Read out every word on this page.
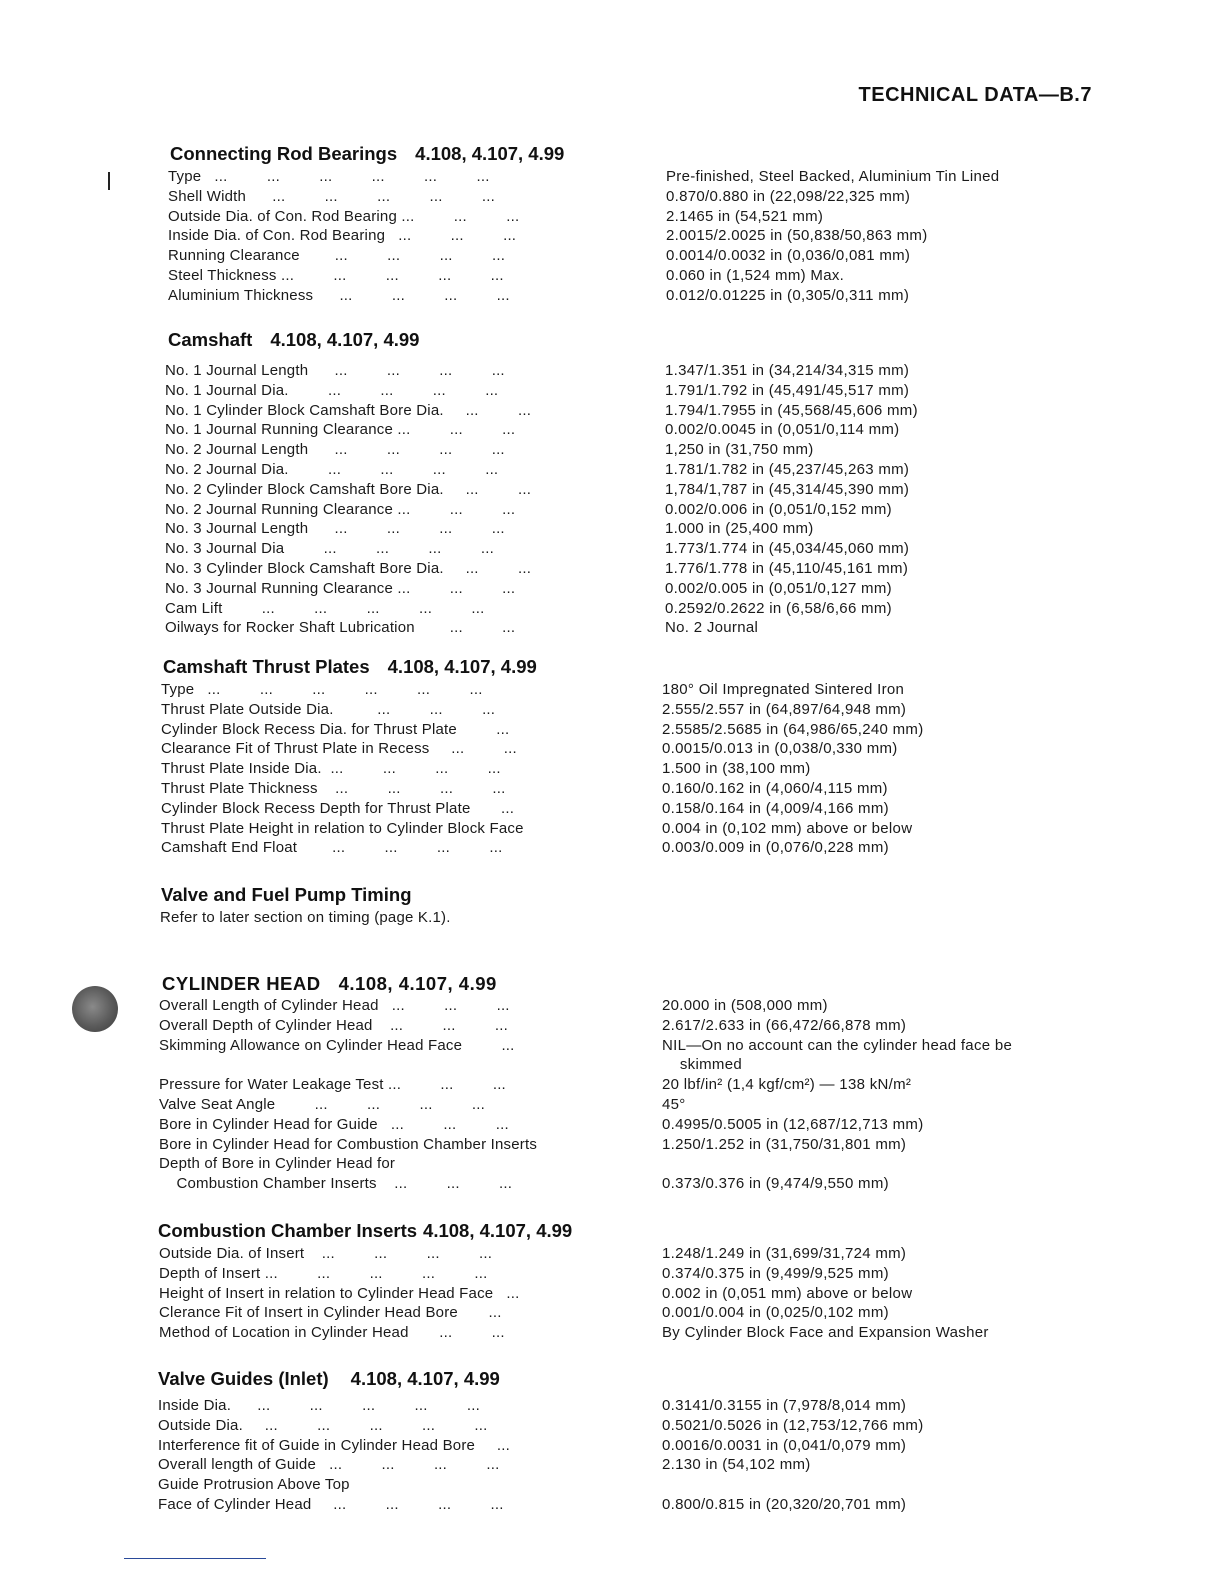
TECHNICAL DATA—B.7
Connecting Rod Bearings 4.108, 4.107, 4.99
Type   ...         ...         ...         ...         ...         ...	Pre-finished, Steel Backed, Aluminium Tin Lined
Shell Width      ...         ...         ...         ...         ...	0.870/0.880 in (22,098/22,325 mm)
Outside Dia. of Con. Rod Bearing ...         ...         ...	2.1465 in (54,521 mm)
Inside Dia. of Con. Rod Bearing   ...         ...         ...	2.0015/2.0025 in (50,838/50,863 mm)
Running Clearance        ...         ...         ...         ...	0.0014/0.0032 in (0,036/0,081 mm)
Steel Thickness ...         ...         ...         ...         ...	0.060 in (1,524 mm) Max.
Aluminium Thickness      ...         ...         ...         ...	0.012/0.01225 in (0,305/0,311 mm)
Camshaft 4.108, 4.107, 4.99
No. 1 Journal Length      ...         ...         ...         ...	1.347/1.351 in (34,214/34,315 mm)
No. 1 Journal Dia.         ...         ...         ...         ...	1.791/1.792 in (45,491/45,517 mm)
No. 1 Cylinder Block Camshaft Bore Dia.     ...         ...	1.794/1.7955 in (45,568/45,606 mm)
No. 1 Journal Running Clearance ...         ...         ...	0.002/0.0045 in (0,051/0,114 mm)
No. 2 Journal Length      ...         ...         ...         ...	1,250 in (31,750 mm)
No. 2 Journal Dia.         ...         ...         ...         ...	1.781/1.782 in (45,237/45,263 mm)
No. 2 Cylinder Block Camshaft Bore Dia.     ...         ...	1,784/1,787 in (45,314/45,390 mm)
No. 2 Journal Running Clearance ...         ...         ...	0.002/0.006 in (0,051/0,152 mm)
No. 3 Journal Length      ...         ...         ...         ...	1.000 in (25,400 mm)
No. 3 Journal Dia         ...         ...         ...         ...	1.773/1.774 in (45,034/45,060 mm)
No. 3 Cylinder Block Camshaft Bore Dia.     ...         ...	1.776/1.778 in (45,110/45,161 mm)
No. 3 Journal Running Clearance ...         ...         ...	0.002/0.005 in (0,051/0,127 mm)
Cam Lift         ...         ...         ...         ...         ...	0.2592/0.2622 in (6,58/6,66 mm)
Oilways for Rocker Shaft Lubrication        ...         ...	No. 2 Journal
Camshaft Thrust Plates 4.108, 4.107, 4.99
Type   ...         ...         ...         ...         ...         ...	180° Oil Impregnated Sintered Iron
Thrust Plate Outside Dia.          ...         ...         ...	2.555/2.557 in (64,897/64,948 mm)
Cylinder Block Recess Dia. for Thrust Plate         ...	2.5585/2.5685 in (64,986/65,240 mm)
Clearance Fit of Thrust Plate in Recess     ...         ...	0.0015/0.013 in (0,038/0,330 mm)
Thrust Plate Inside Dia.  ...         ...         ...         ...	1.500 in (38,100 mm)
Thrust Plate Thickness    ...         ...         ...         ...	0.160/0.162 in (4,060/4,115 mm)
Cylinder Block Recess Depth for Thrust Plate       ...	0.158/0.164 in (4,009/4,166 mm)
Thrust Plate Height in relation to Cylinder Block Face	0.004 in (0,102 mm) above or below
Camshaft End Float        ...         ...         ...         ...	0.003/0.009 in (0,076/0,228 mm)
Valve and Fuel Pump Timing
Refer to later section on timing (page K.1).
CYLINDER HEAD 4.108, 4.107, 4.99
Overall Length of Cylinder Head   ...         ...         ...	20.000 in (508,000 mm)
Overall Depth of Cylinder Head    ...         ...         ...	2.617/2.633 in (66,472/66,878 mm)
Skimming Allowance on Cylinder Head Face         ...	NIL—On no account can the cylinder head face be
skimmed
Pressure for Water Leakage Test ...         ...         ...	20 lbf/in² (1,4 kgf/cm²) — 138 kN/m²
Valve Seat Angle         ...         ...         ...         ...	45°
Bore in Cylinder Head for Guide   ...         ...         ...	0.4995/0.5005 in (12,687/12,713 mm)
Bore in Cylinder Head for Combustion Chamber Inserts	1.250/1.252 in (31,750/31,801 mm)
Depth of Bore in Cylinder Head for
Combustion Chamber Inserts    ...         ...         ...	0.373/0.376 in (9,474/9,550 mm)
Combustion Chamber Inserts 4.108, 4.107, 4.99
Outside Dia. of Insert    ...         ...         ...         ...	1.248/1.249 in (31,699/31,724 mm)
Depth of Insert ...         ...         ...         ...         ...	0.374/0.375 in (9,499/9,525 mm)
Height of Insert in relation to Cylinder Head Face   ...	0.002 in (0,051 mm) above or below
Clerance Fit of Insert in Cylinder Head Bore       ...	0.001/0.004 in (0,025/0,102 mm)
Method of Location in Cylinder Head       ...         ...	By Cylinder Block Face and Expansion Washer
Valve Guides (Inlet) 4.108, 4.107, 4.99
Inside Dia.      ...         ...         ...         ...         ...	0.3141/0.3155 in (7,978/8,014 mm)
Outside Dia.     ...         ...         ...         ...         ...	0.5021/0.5026 in (12,753/12,766 mm)
Interference fit of Guide in Cylinder Head Bore     ...	0.0016/0.0031 in (0,041/0,079 mm)
Overall length of Guide   ...         ...         ...         ...	2.130 in (54,102 mm)
Guide Protrusion Above Top
Face of Cylinder Head     ...         ...         ...         ...	0.800/0.815 in (20,320/20,701 mm)
